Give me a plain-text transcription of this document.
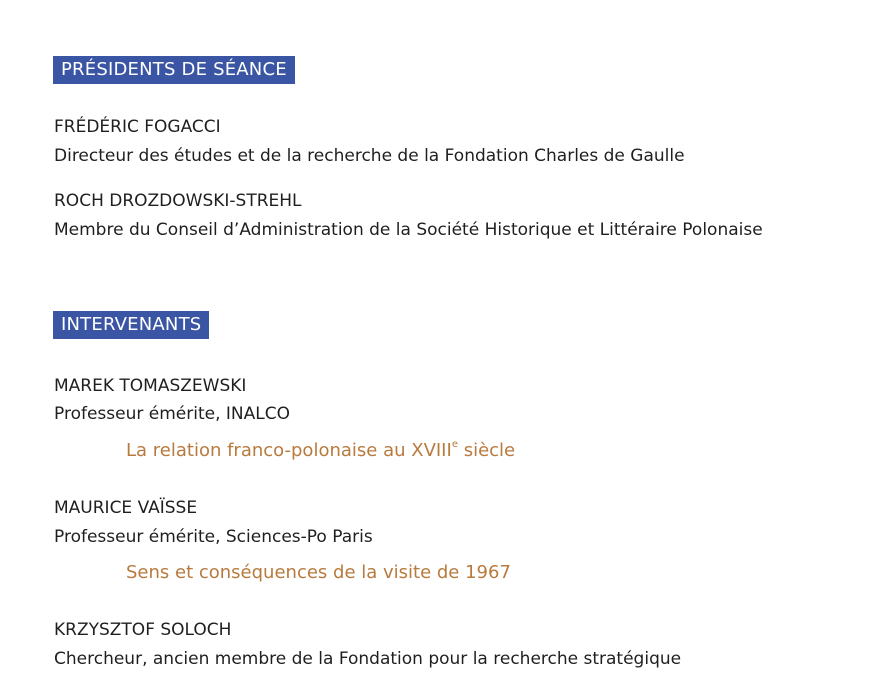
PRÉSIDENTS DE SÉANCE
FRÉDÉRIC FOGACCI
Directeur des études et de la recherche de la Fondation Charles de Gaulle
ROCH DROZDOWSKI-STREHL
Membre du Conseil d’Administration de la Société Historique et Littéraire Polonaise
INTERVENANTS
MAREK TOMASZEWSKI
Professeur émérite, INALCO
La relation franco-polonaise au XVIIIe siècle
MAURICE VAÏSSE
Professeur émérite, Sciences-Po Paris
Sens et conséquences de la visite de 1967
KRZYSZTOF SOLOCH
Chercheur, ancien membre de la Fondation pour la recherche stratégique
